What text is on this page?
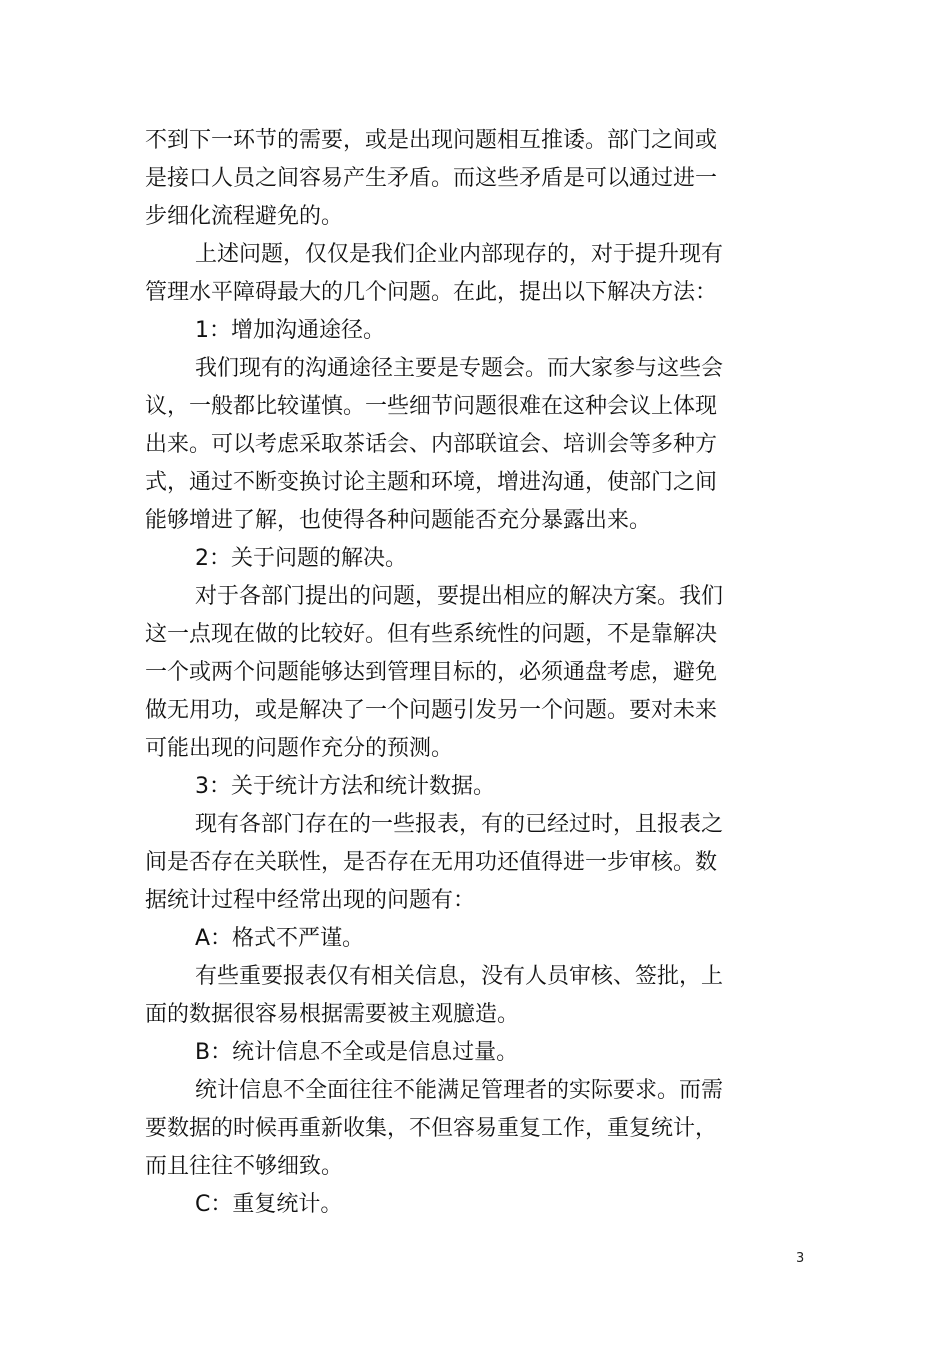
不到下一环节的需要，或是出现问题相互推诿。部门之间或
是接口人员之间容易产生矛盾。而这些矛盾是可以通过进一
步细化流程避免的。

上述问题，仅仅是我们企业内部现存的，对于提升现有

管理水平障碍最大的几个问题。在此，提出以下解决方法：

1：增加沟通途径。

我们现有的沟通途径主要是专题会。而大家参与这些会

议，一般都比较谨慎。一些细节问题很难在这种会议上体现
出来。可以考虑采取茶话会、内部联谊会、培训会等多种方
式，通过不断变换讨论主题和环境，增进沟通，使部门之间
能够增进了解，也使得各种问题能否充分暴露出来。

2：关于问题的解决。

对于各部门提出的问题，要提出相应的解决方案。我们

这一点现在做的比较好。但有些系统性的问题，不是靠解决
一个或两个问题能够达到管理目标的，必须通盘考虑，避免
做无用功，或是解决了一个问题引发另一个问题。要对未来
可能出现的问题作充分的预测。

3：关于统计方法和统计数据。

现有各部门存在的一些报表，有的已经过时，且报表之

间是否存在关联性，是否存在无用功还值得进一步审核。数
据统计过程中经常出现的问题有：

A：格式不严谨。

有些重要报表仅有相关信息，没有人员审核、签批，上

面的数据很容易根据需要被主观臆造。

B：统计信息不全或是信息过量。

统计信息不全面往往不能满足管理者的实际要求。而需

要数据的时候再重新收集，不但容易重复工作，重复统计，
而且往往不够细致。

C：重复统计。

3
